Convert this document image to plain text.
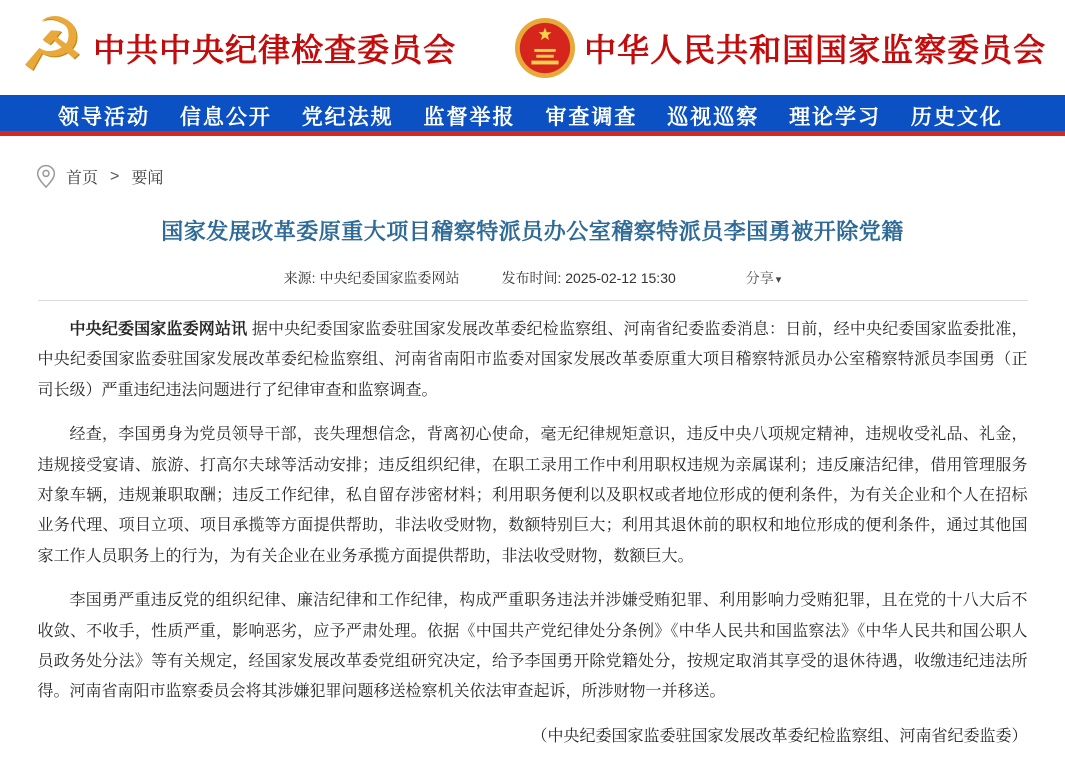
☭ 中共中央纪律检查委员会	中华人民共和国国家监察委员会
领导活动 信息公开 党纪法规 监督举报 审查调查 巡视巡察 理论学习 历史文化
首页 > 要闻
国家发展改革委原重大项目稽察特派员办公室稽察特派员李国勇被开除党籍
来源: 中央纪委国家监委网站	发布时间: 2025-02-12 15:30	分享 ▾

中央纪委国家监委网站讯 据中央纪委国家监委驻国家发展改革委纪检监察组、河南省纪委监委消息：日前，经中央纪委国家监委批准，中央纪委国家监委驻国家发展改革委纪检监察组、河南省南阳市监委对国家发展改革委原重大项目稽察特派员办公室稽察特派员李国勇（正司长级）严重违纪违法问题进行了纪律审查和监察调查。

经查，李国勇身为党员领导干部，丧失理想信念，背离初心使命，毫无纪律规矩意识，违反中央八项规定精神，违规收受礼品、礼金，违规接受宴请、旅游、打高尔夫球等活动安排；违反组织纪律，在职工录用工作中利用职权违规为亲属谋利；违反廉洁纪律，借用管理服务对象车辆，违规兼职取酬；违反工作纪律，私自留存涉密材料；利用职务便利以及职权或者地位形成的便利条件，为有关企业和个人在招标业务代理、项目立项、项目承揽等方面提供帮助，非法收受财物，数额特别巨大；利用其退休前的职权和地位形成的便利条件，通过其他国家工作人员职务上的行为，为有关企业在业务承揽方面提供帮助，非法收受财物，数额巨大。

李国勇严重违反党的组织纪律、廉洁纪律和工作纪律，构成严重职务违法并涉嫌受贿犯罪、利用影响力受贿犯罪，且在党的十八大后不收敛、不收手，性质严重，影响恶劣，应予严肃处理。依据《中国共产党纪律处分条例》《中华人民共和国监察法》《中华人民共和国公职人员政务处分法》等有关规定，经国家发展改革委党组研究决定，给予李国勇开除党籍处分，按规定取消其享受的退休待遇，收缴违纪违法所得。河南省南阳市监察委员会将其涉嫌犯罪问题移送检察机关依法审查起诉，所涉财物一并移送。

（中央纪委国家监委驻国家发展改革委纪检监察组、河南省纪委监委）
